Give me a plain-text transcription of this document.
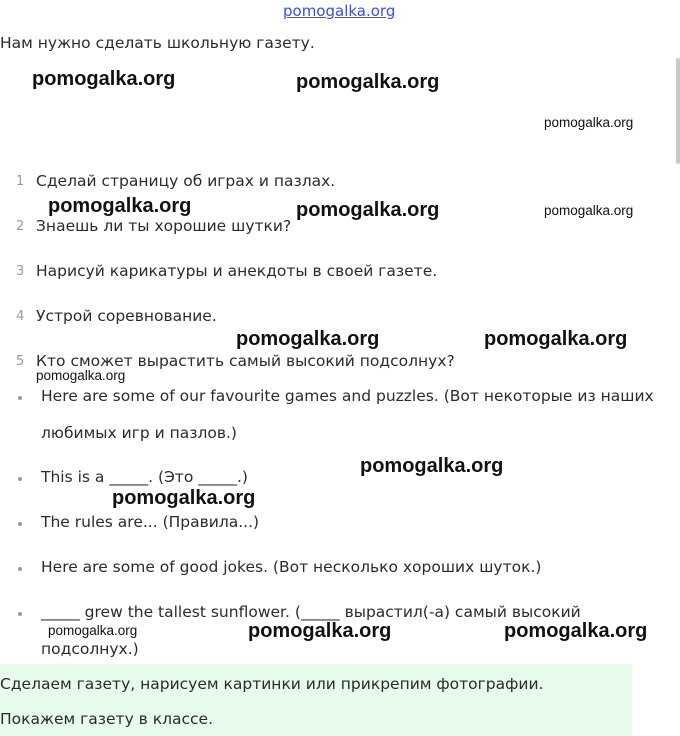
pomogalka.org
Нам нужно сделать школьную газету.
1 Сделай страницу об играх и пазлах.
2 Знаешь ли ты хорошие шутки?
3 Нарисуй карикатуры и анекдоты в своей газете.
4 Устрой соревнование.
5 Кто сможет вырастить самый высокий подсолнух?
Here are some of our favourite games and puzzles. (Вот некоторые из наших
любимых игр и пазлов.)
This is a _____. (Это _____.)
The rules are... (Правила...)
Here are some of good jokes. (Вот несколько хороших шуток.)
_____ grew the tallest sunflower. (_____ вырастил(-а) самый высокий
подсолнух.)
Сделаем газету, нарисуем картинки или прикрепим фотографии.
Покажем газету в классе.
pomogalka.org	pomogalka.org
pomogalka.org
pomogalka.org	pomogalka.org	pomogalka.org
pomogalka.org	pomogalka.org
pomogalka.org
pomogalka.org
pomogalka.org
pomogalka.org	pomogalka.org	pomogalka.org
